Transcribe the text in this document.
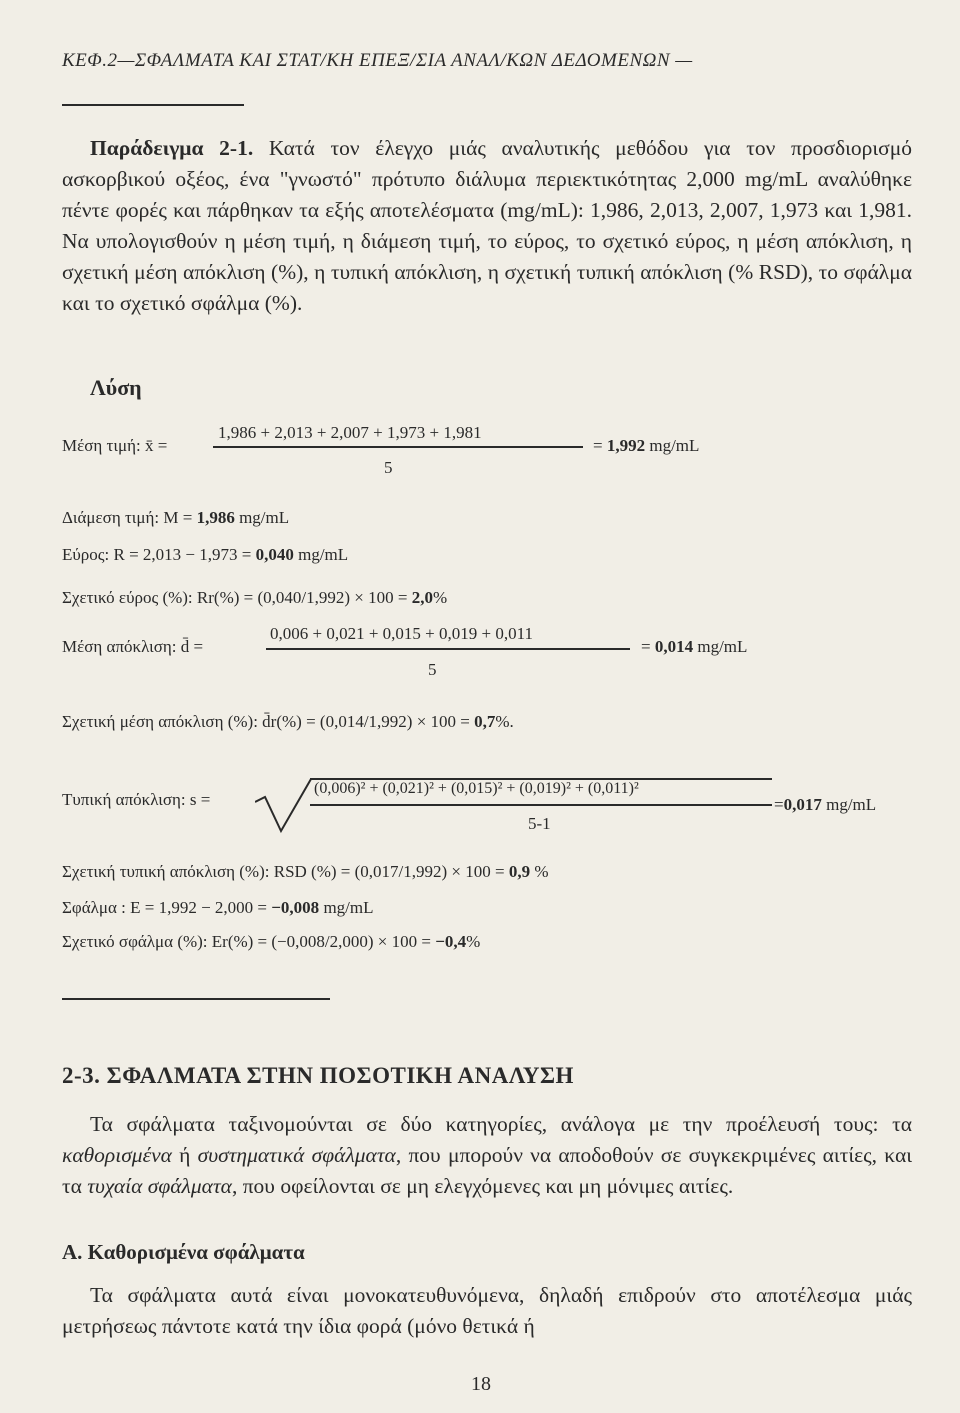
ΚΕΦ.2—ΣΦΑΛΜΑΤΑ ΚΑΙ ΣΤΑΤ/ΚΗ ΕΠΕΞ/ΣΙΑ ΑΝΑΛ/ΚΩΝ ΔΕΔΟΜΕΝΩΝ —
Παράδειγμα 2-1. Κατά τον έλεγχο μιάς αναλυτικής μεθόδου για τον προσδιορισμό ασκορβικού οξέος, ένα "γνωστό" πρότυπο διάλυμα περιεκτικότητας 2,000 mg/mL αναλύθηκε πέντε φορές και πάρθηκαν τα εξής αποτελέσματα (mg/mL): 1,986, 2,013, 2,007, 1,973 και 1,981. Να υπολογισθούν η μέση τιμή, η διάμεση τιμή, το εύρος, το σχετικό εύρος, η μέση απόκλιση, η σχετική μέση απόκλιση (%), η τυπική απόκλιση, η σχετική τυπική απόκλιση (% RSD), το σφάλμα και το σχετικό σφάλμα (%).
Λύση
Μέση τιμή: x̄ =
1,986 + 2,013 + 2,007 + 1,973 + 1,981
5
= 1,992 mg/mL
Διάμεση τιμή: M = 1,986 mg/mL
Εύρος: R = 2,013 − 1,973 = 0,040 mg/mL
Σχετικό εύρος (%): Rr(%) = (0,040/1,992) × 100 = 2,0%
Μέση απόκλιση: d̄ =
0,006 + 0,021 + 0,015 + 0,019 + 0,011
5
= 0,014 mg/mL
Σχετική μέση απόκλιση (%): d̄r(%) = (0,014/1,992) × 100 = 0,7%.
Τυπική απόκλιση: s =
(0,006)² + (0,021)² + (0,015)² + (0,019)² + (0,011)²
5-1
=0,017 mg/mL
Σχετική τυπική απόκλιση (%): RSD (%) = (0,017/1,992) × 100 = 0,9 %
Σφάλμα : E = 1,992 − 2,000 = −0,008 mg/mL
Σχετικό σφάλμα (%): Er(%) = (−0,008/2,000) × 100 = −0,4%
2-3. ΣΦΑΛΜΑΤΑ ΣΤΗΝ ΠΟΣΟΤΙΚΗ ΑΝΑΛΥΣΗ
Τα σφάλματα ταξινομούνται σε δύο κατηγορίες, ανάλογα με την προέλευσή τους: τα καθορισμένα ή συστηματικά σφάλματα, που μπορούν να αποδοθούν σε συγκεκριμένες αιτίες, και τα τυχαία σφάλματα, που οφείλονται σε μη ελεγχόμενες και μη μόνιμες αιτίες.
Α. Καθορισμένα σφάλματα
Τα σφάλματα αυτά είναι μονοκατευθυνόμενα, δηλαδή επιδρούν στο αποτέλεσμα μιάς μετρήσεως πάντοτε κατά την ίδια φορά (μόνο θετικά ή
18
